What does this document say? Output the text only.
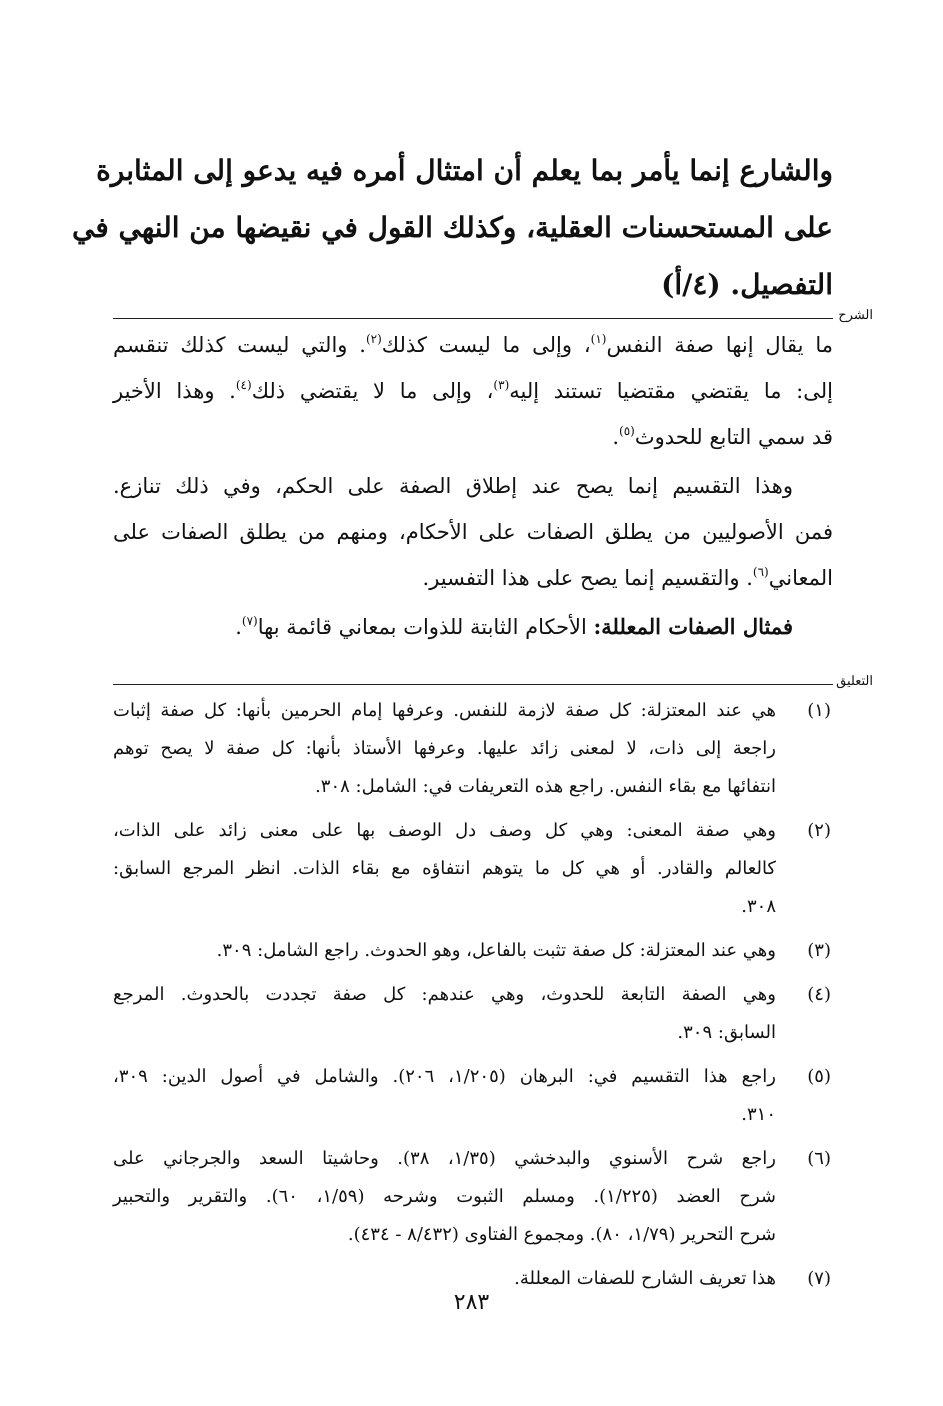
والشارع إنما يأمر بما يعلم أن امتثال أمره فيه يدعو إلى المثابرة
على المستحسنات العقلية، وكذلك القول في نقيضها من النهي في
التفصيل. (٤/أ)
الشرح

ما يقال إنها صفة النفس$^{(١)}$، وإلى ما ليست كذلك$^{(٢)}$. والتي ليست كذلك تنقسم
إلى: ما يقتضي مقتضيا تستند إليه$^{(٣)}$، وإلى ما لا يقتضي ذلك$^{(٤)}$. وهذا الأخير
قد سمي التابع للحدوث$^{(٥)}$.

وهذا التقسيم إنما يصح عند إطلاق الصفة على الحكم، وفي ذلك تنازع.
فمن الأصوليين من يطلق الصفات على الأحكام، ومنهم من يطلق الصفات على
المعاني$^{(٦)}$. والتقسيم إنما يصح على هذا التفسير.

فمثال الصفات المعللة: الأحكام الثابتة للذوات بمعاني قائمة بها$^{(٧)}$.

التعليق
(١)
هي عند المعتزلة: كل صفة لازمة للنفس. وعرفها إمام الحرمين بأنها: كل صفة إثبات
راجعة إلى ذات، لا لمعنى زائد عليها. وعرفها الأستاذ بأنها: كل صفة لا يصح توهم
انتفائها مع بقاء النفس. راجع هذه التعريفات في: الشامل: ٣٠٨.
(٢)
وهي صفة المعنى: وهي كل وصف دل الوصف بها على معنى زائد على الذات،
كالعالم والقادر. أو هي كل ما يتوهم انتفاؤه مع بقاء الذات. انظر المرجع السابق:
٣٠٨.
(٣)
وهي عند المعتزلة: كل صفة تثبت بالفاعل، وهو الحدوث. راجع الشامل: ٣٠٩.
(٤)
وهي الصفة التابعة للحدوث، وهي عندهم: كل صفة تجددت بالحدوث. المرجع
السابق: ٣٠٩.
(٥)
راجع هذا التقسيم في: البرهان (١/٢٠٥، ٢٠٦). والشامل في أصول الدين: ٣٠٩،
٣١٠.
(٦)
راجع شرح الأسنوي والبدخشي (١/٣٥، ٣٨). وحاشيتا السعد والجرجاني على
شرح العضد (١/٢٢٥). ومسلم الثبوت وشرحه (١/٥٩، ٦٠). والتقرير والتحبير
شرح التحرير (١/٧٩، ٨٠). ومجموع الفتاوى (٨/٤٣٢ - ٤٣٤).
(٧)
هذا تعريف الشارح للصفات المعللة.
٢٨٣
